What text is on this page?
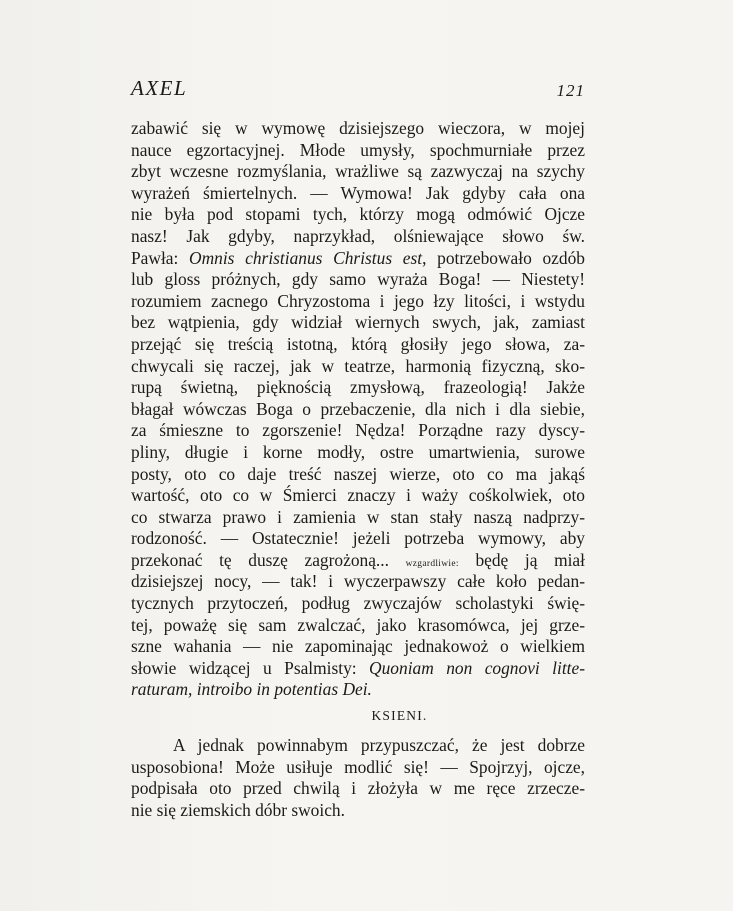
AXEL	121
zabawić się w wymowę dzisiejszego wieczora, w mojej
nauce egzortacyjnej. Młode umysły, spochmurniałe przez
zbyt wczesne rozmyślania, wrażliwe są zazwyczaj na szychy
wyrażeń śmiertelnych. — Wymowa! Jak gdyby cała ona
nie była pod stopami tych, którzy mogą odmówić Ojcze
nasz! Jak gdyby, naprzykład, olśniewające słowo św.
Pawła: Omnis christianus Christus est, potrzebowało ozdób
lub gloss próżnych, gdy samo wyraża Boga! — Niestety!
rozumiem zacnego Chryzostoma i jego łzy litości, i wstydu
bez wątpienia, gdy widział wiernych swych, jak, zamiast
przejąć się treścią istotną, którą głosiły jego słowa, za-
chwycali się raczej, jak w teatrze, harmonią fizyczną, sko-
rupą świetną, pięknością zmysłową, frazeologią! Jakże
błagał wówczas Boga o przebaczenie, dla nich i dla siebie,
za śmieszne to zgorszenie! Nędza! Porządne razy dyscy-
pliny, długie i korne modły, ostre umartwienia, surowe
posty, oto co daje treść naszej wierze, oto co ma jakąś
wartość, oto co w Śmierci znaczy i waży cośkolwiek, oto
co stwarza prawo i zamienia w stan stały naszą nadprzy-
rodzoność. — Ostatecznie! jeżeli potrzeba wymowy, aby
przekonać tę duszę zagrożoną... wzgardliwie: będę ją miał
dzisiejszej nocy, — tak! i wyczerpawszy całe koło pedan-
tycznych przytoczeń, podług zwyczajów scholastyki świę-
tej, poważę się sam zwalczać, jako krasomówca, jej grze-
szne wahania — nie zapominając jednakowoż o wielkiem
słowie widzącej u Psalmisty: Quoniam non cognovi litte-
raturam, introibo in potentias Dei.
KSIENI.
A jednak powinnabym przypuszczać, że jest dobrze
usposobiona! Może usiłuje modlić się! — Spojrzyj, ojcze,
podpisała oto przed chwilą i złożyła w me ręce zrzecze-
nie się ziemskich dóbr swoich.
